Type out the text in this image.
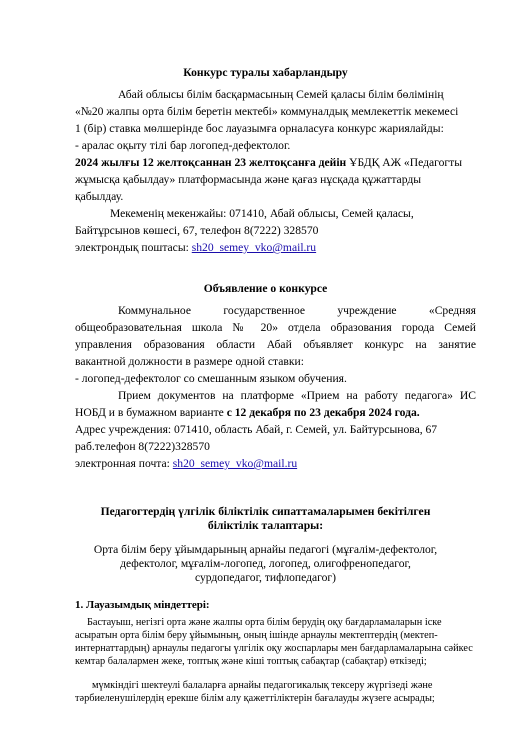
Конкурс туралы хабарландыру
Абай облысы білім басқармасының Семей қаласы білім бөлімінің
«№20 жалпы орта білім беретін мектебі» коммуналдық мемлекеттік мекемесі
1 (бір) ставка мөлшерінде бос лауазымға орналасуға конкурс жариялайды:
- аралас оқыту тілі бар логопед-дефектолог.
2024 жылғы 12 желтоқсаннан 23 желтоқсанға дейін ҰБДҚ АЖ «Педагогты
жұмысқа қабылдау» платформасында және қағаз нұсқада құжаттарды
қабылдау.
Мекеменің мекенжайы: 071410, Абай облысы, Семей қаласы,
Байтұрсынов көшесі, 67, телефон 8(7222) 328570
электрондық поштасы: sh20_semey_vko@mail.ru
Объявление о конкурсе
Коммунальное государственное учреждение «Средняя
общеобразовательная школа № 20» отдела образования города Семей
управления образования области Абай объявляет конкурс на занятие
вакантной должности в размере одной ставки:
- логопед-дефектолог со смешанным языком обучения.
Прием документов на платформе «Прием на работу педагога» ИС
НОБД и в бумажном варианте с 12 декабря по 23 декабря 2024 года.
Адрес учреждения: 071410, область Абай, г. Семей, ул. Байтурсынова, 67
раб.телефон 8(7222)328570
электронная почта: sh20_semey_vko@mail.ru
Педагогтердің үлгілік біліктілік сипаттамаларымен бекітілген
біліктілік талаптары:
Орта білім беру ұйымдарының арнайы педагогі (мұғалім-дефектолог,
дефектолог, мұғалім-логопед, логопед, олигофренопедагог,
сурдопедагог, тифлопедагог)
1. Лауазымдық міндеттері:
Бастауыш, негізгі орта және жалпы орта білім берудің оқу бағдарламаларын іске
асыратын орта білім беру ұйымының, оның ішінде арнаулы мектептердің (мектеп-
интернаттардың) арнаулы педагогы үлгілік оқу жоспарлары мен бағдарламаларына сәйкес
кемтар балалармен жеке, топтық және кіші топтық сабақтар (сабақтар) өткізеді;
мүмкіндігі шектеулі балаларға арнайы педагогикалық тексеру жүргізеді және
тәрбиеленушілердің ерекше білім алу қажеттіліктерін бағалауды жүзеге асырады;
